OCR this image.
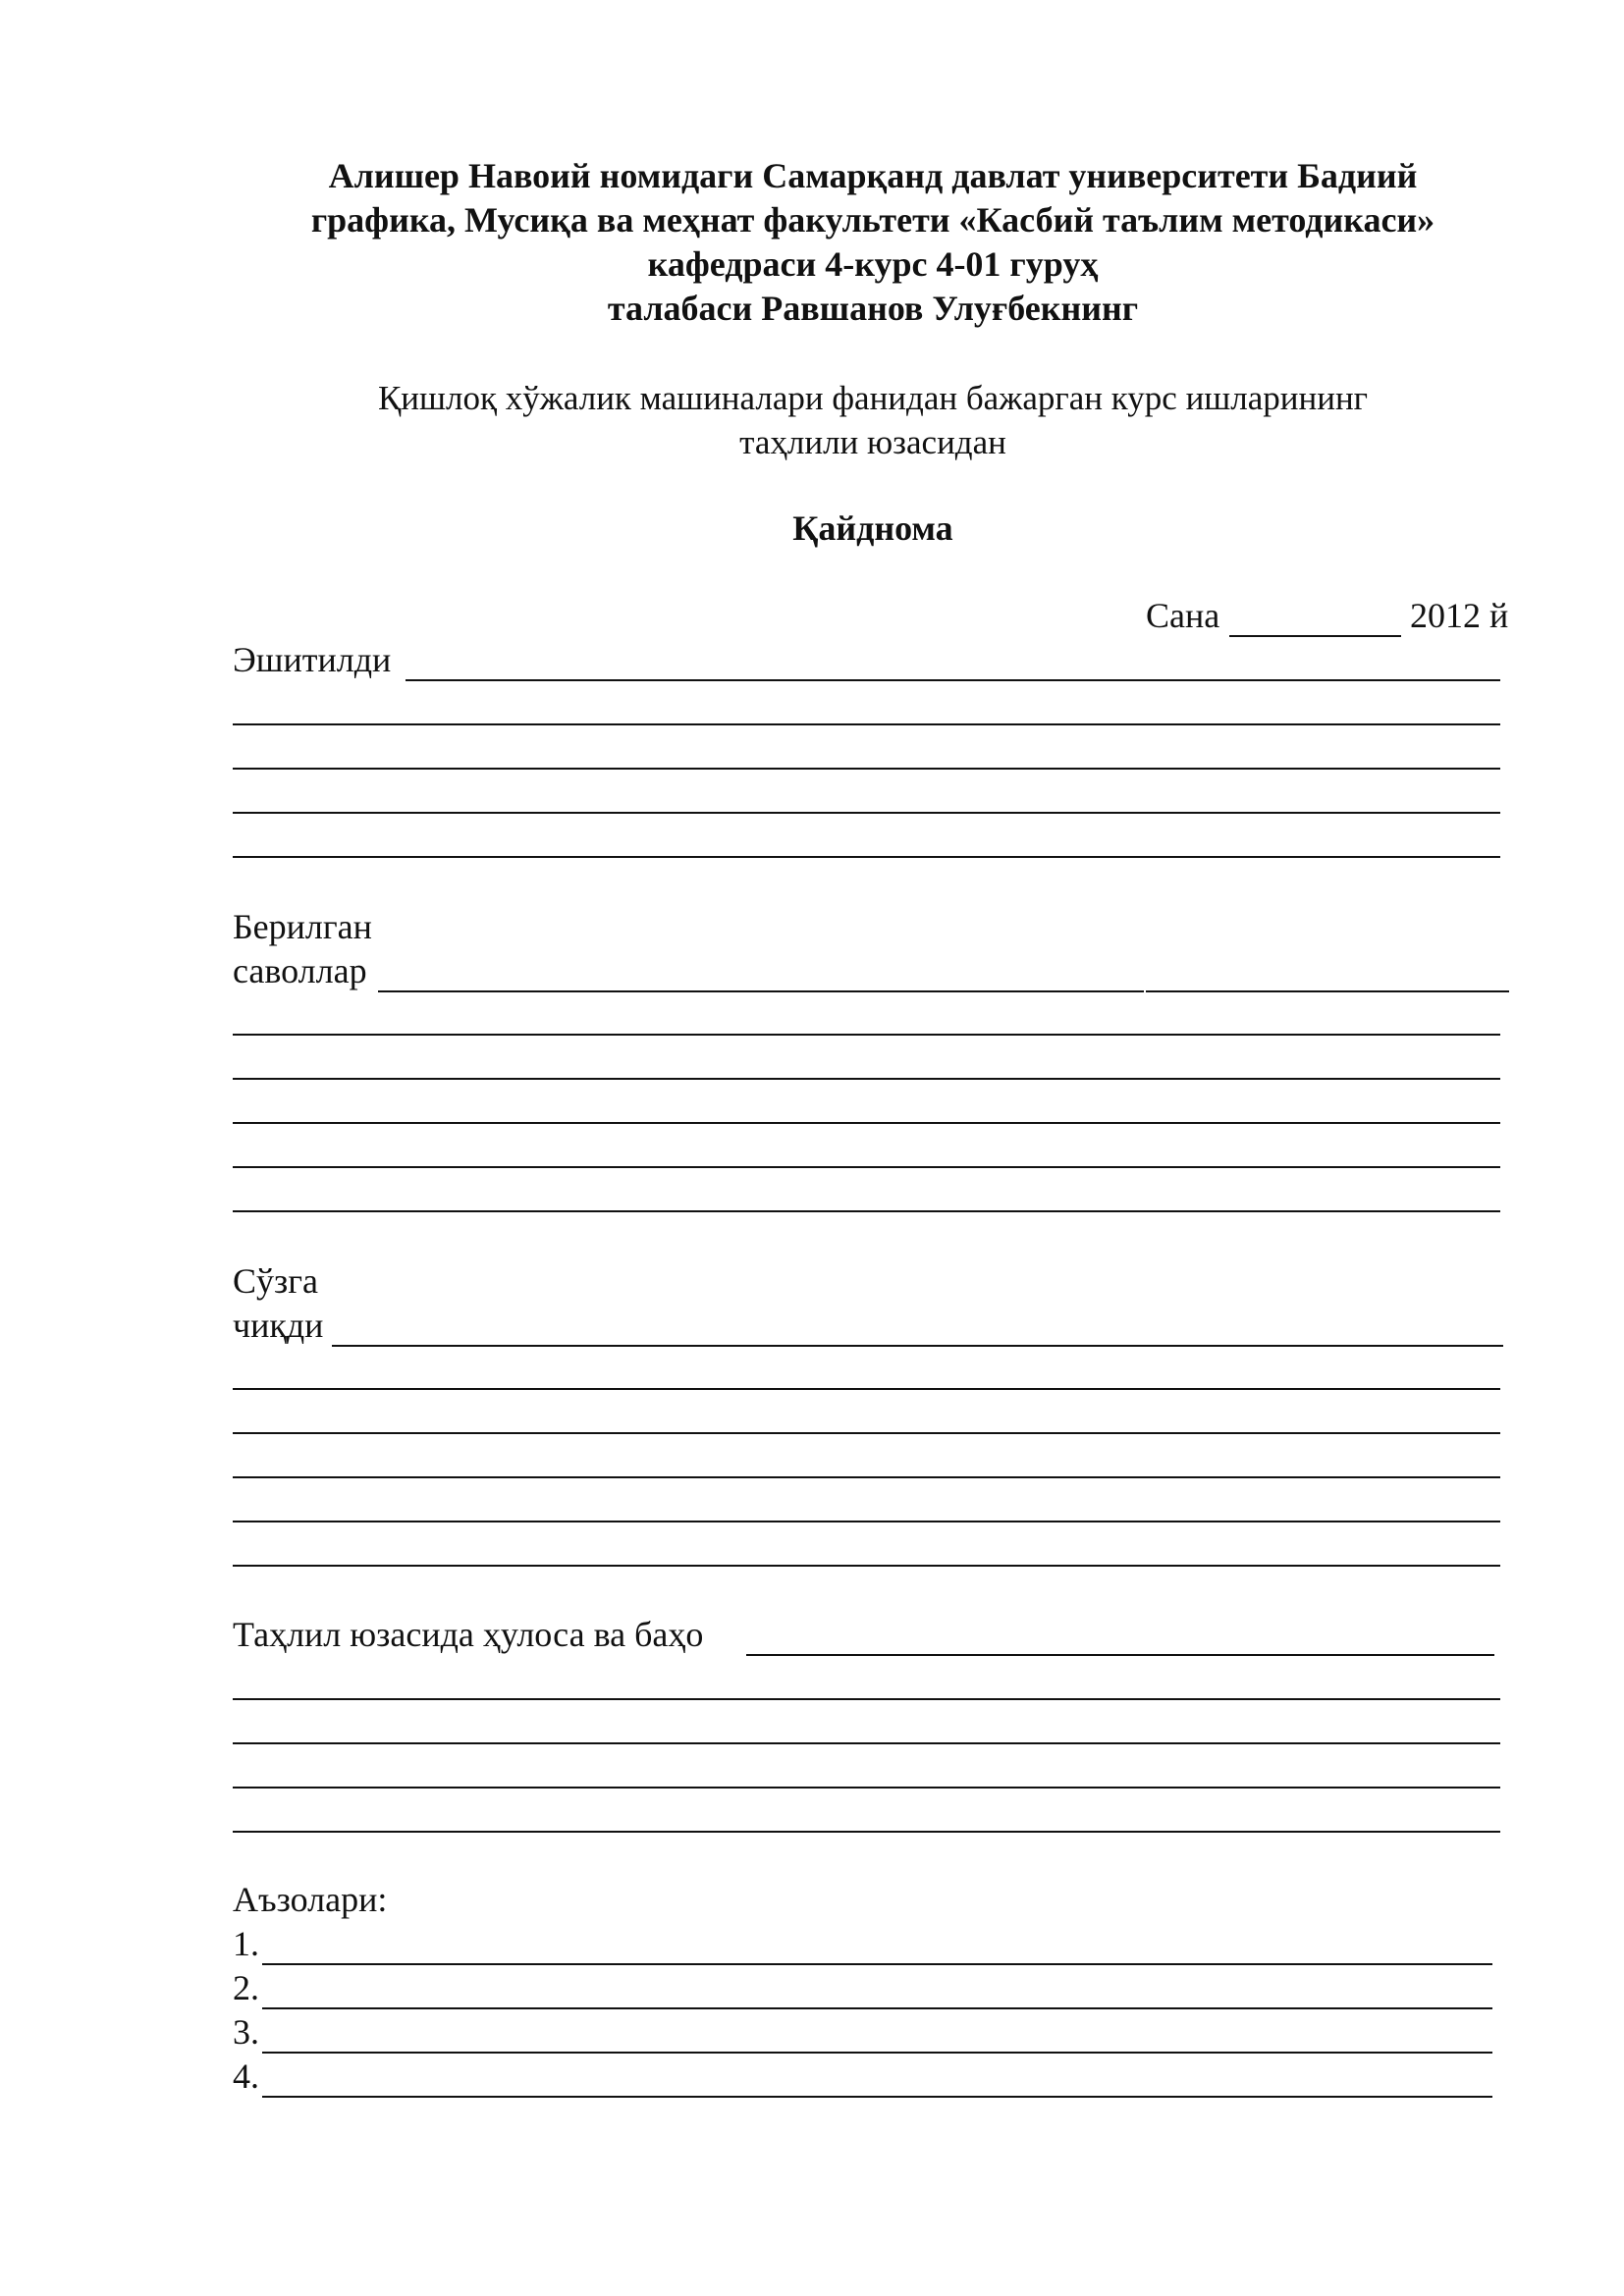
Алишер Навоий номидаги Самарқанд давлат университети Бадиий
графика, Мусиқа ва меҳнат факультети «Касбий таълим методикаси»
кафедраси 4-курс 4-01 гуруҳ
талабаси Равшанов Улуғбекнинг
Қишлоқ хўжалик машиналари фанидан бажарган курс ишларининг
таҳлили юзасидан
Қайднома
Сана	2012 й
Эшитилди
Берилган
саволлар
Сўзга
чиқди
Таҳлил юзасида ҳулоса ва баҳо
Аъзолари:
1.
2.
3.
4.
